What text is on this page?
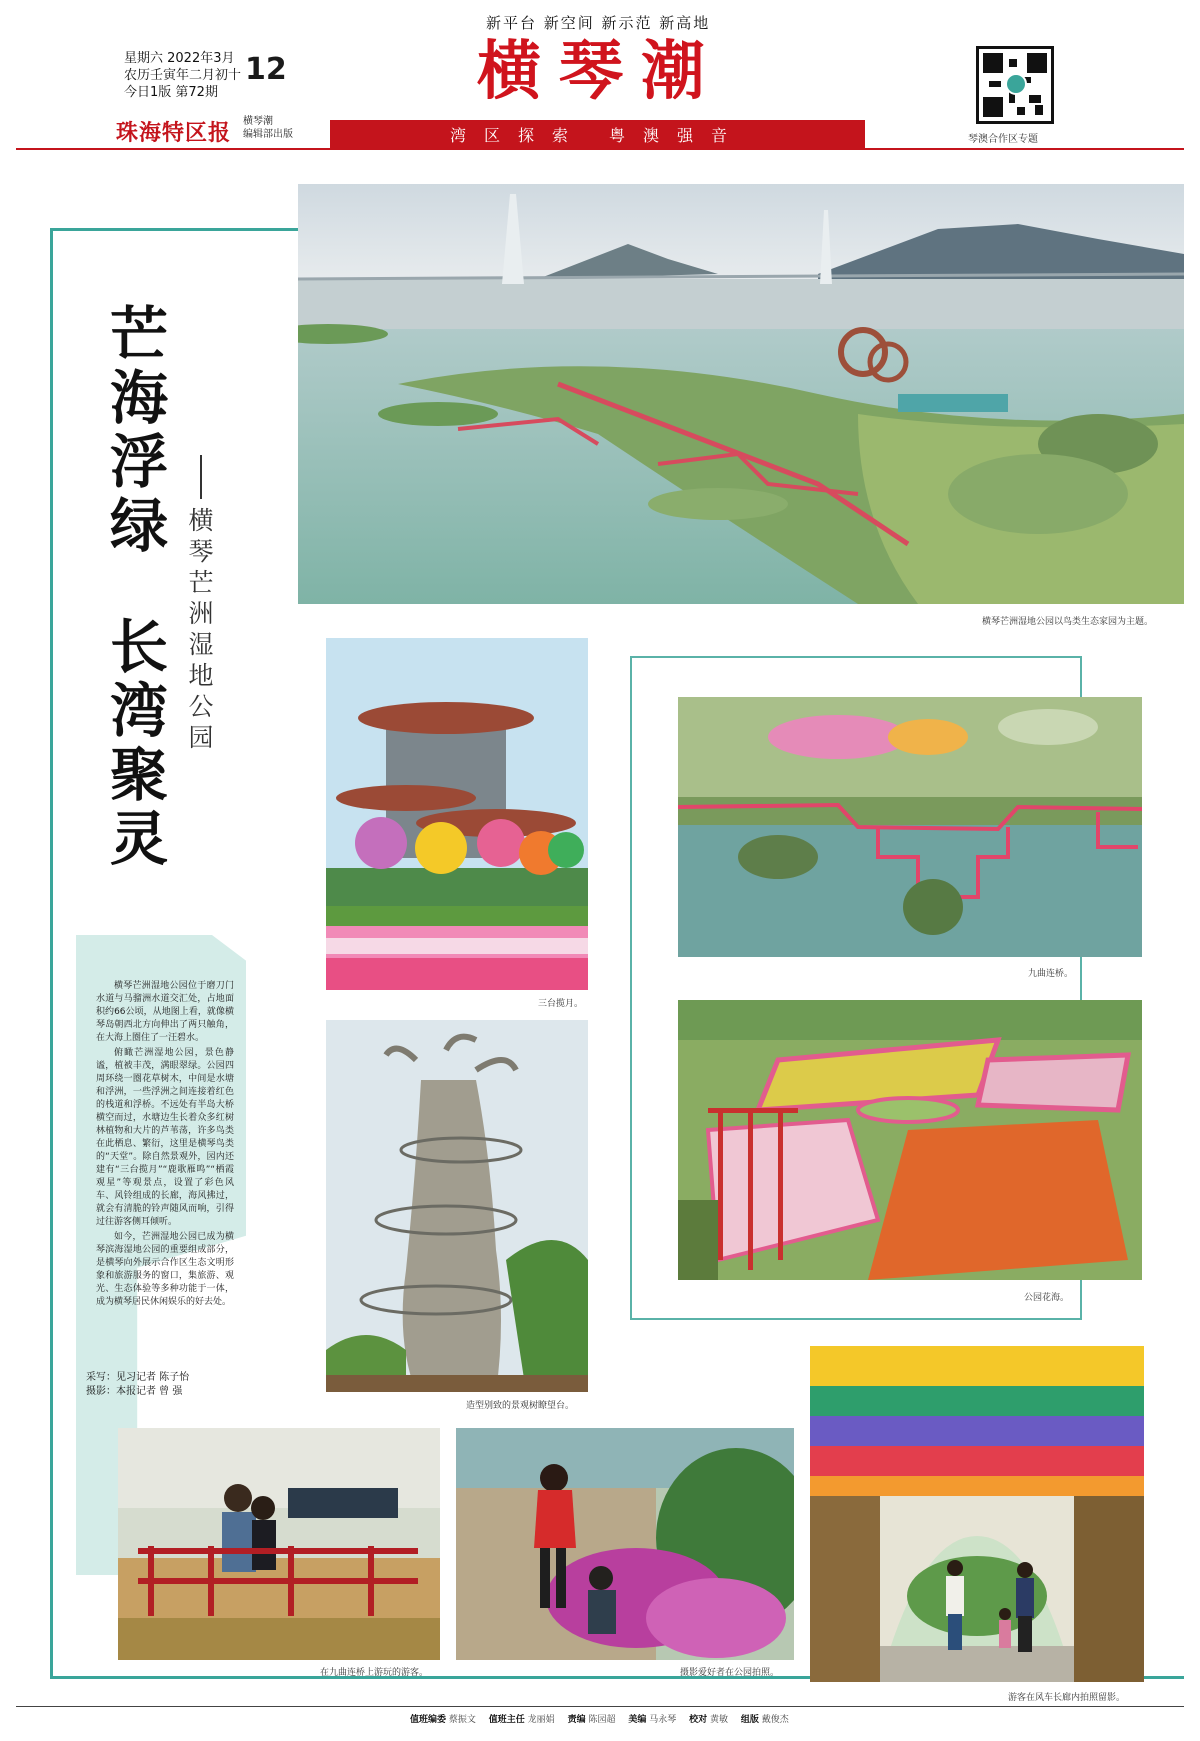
新平台 新空间 新示范 新高地
星期六 2022年3月
农历壬寅年二月初十
今日1版 第72期
12	横琴潮
湾区探索 粤澳强音
珠海特区报 横琴潮
编辑部出版	琴澳合作区专题
芒海浮绿
长湾聚灵
横琴芒洲湿地公园

横琴芒洲湿地公园位于磨刀门水道与马骝洲水道交汇处，占地面积约66公顷，从地图上看，就像横琴岛朝西北方向伸出了两只触角，在大海上圈住了一汪碧水。

俯瞰芒洲湿地公园，景色静谧，植被丰茂，满眼翠绿。公园四周环绕一圈花草树木，中间是水塘和浮洲，一些浮洲之间连接着红色的栈道和浮桥。不远处有半岛大桥横空而过，水塘边生长着众多红树林植物和大片的芦苇荡，许多鸟类在此栖息、繁衍，这里是横琴鸟类的“天堂”。除自然景观外，园内还建有“三台揽月”“鹿歌雁鸣”“栖霞观星”等观景点，设置了彩色风车、风铃组成的长廊，海风拂过，就会有清脆的铃声随风而响，引得过往游客侧耳倾听。

如今，芒洲湿地公园已成为横琴滨海湿地公园的重要组成部分，是横琴向外展示合作区生态文明形象和旅游服务的窗口，集旅游、观光、生态体验等多种功能于一体，成为横琴居民休闲娱乐的好去处。

采写：见习记者 陈子怡
摄影：本报记者 曾 强
横琴芒洲湿地公园以鸟类生态家园为主题。
三台揽月。
九曲连桥。
造型别致的景观树瞭望台。
公园花海。
在九曲连桥上游玩的游客。	摄影爱好者在公园拍照。
游客在风车长廊内拍照留影。
值班编委 蔡振文 值班主任 龙丽娟 责编 陈园超 美编 马永琴 校对 黄敏 组版 戴俊杰
